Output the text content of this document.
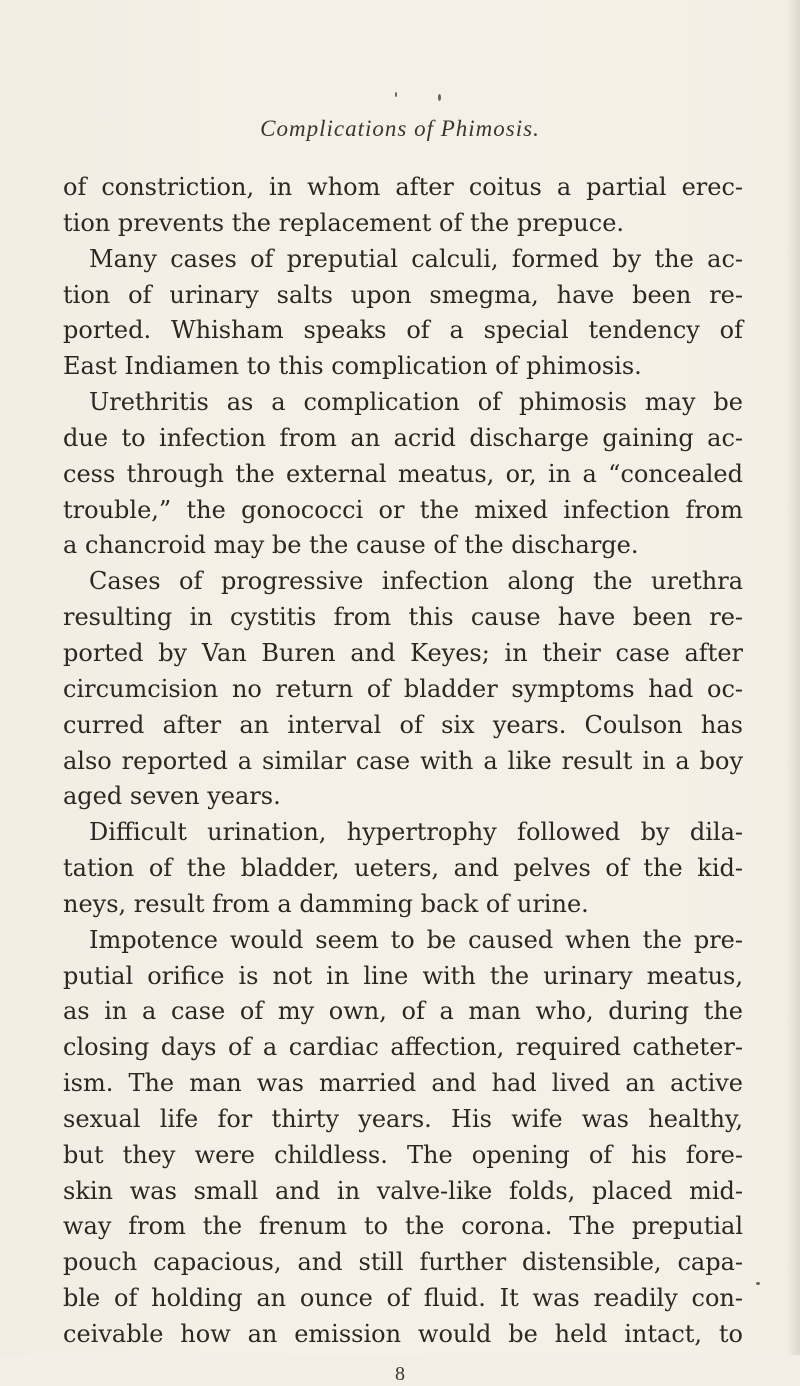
Complications of Phimosis.
of constriction, in whom after coitus a partial erec-
tion prevents the replacement of the prepuce.
Many cases of preputial calculi, formed by the ac-
tion of urinary salts upon smegma, have been re-
ported. Whisham speaks of a special tendency of
East Indiamen to this complication of phimosis.
Urethritis as a complication of phimosis may be
due to infection from an acrid discharge gaining ac-
cess through the external meatus, or, in a “concealed
trouble,” the gonococci or the mixed infection from
a chancroid may be the cause of the discharge.
Cases of progressive infection along the urethra
resulting in cystitis from this cause have been re-
ported by Van Buren and Keyes; in their case after
circumcision no return of bladder symptoms had oc-
curred after an interval of six years. Coulson has
also reported a similar case with a like result in a boy
aged seven years.
Difficult urination, hypertrophy followed by dila-
tation of the bladder, ueters, and pelves of the kid-
neys, result from a damming back of urine.
Impotence would seem to be caused when the pre-
putial orifice is not in line with the urinary meatus,
as in a case of my own, of a man who, during the
closing days of a cardiac affection, required catheter-
ism. The man was married and had lived an active
sexual life for thirty years. His wife was healthy,
but they were childless. The opening of his fore-
skin was small and in valve-like folds, placed mid-
way from the frenum to the corona. The preputial
pouch capacious, and still further distensible, capa-
ble of holding an ounce of fluid. It was readily con-
ceivable how an emission would be held intact, to
8
